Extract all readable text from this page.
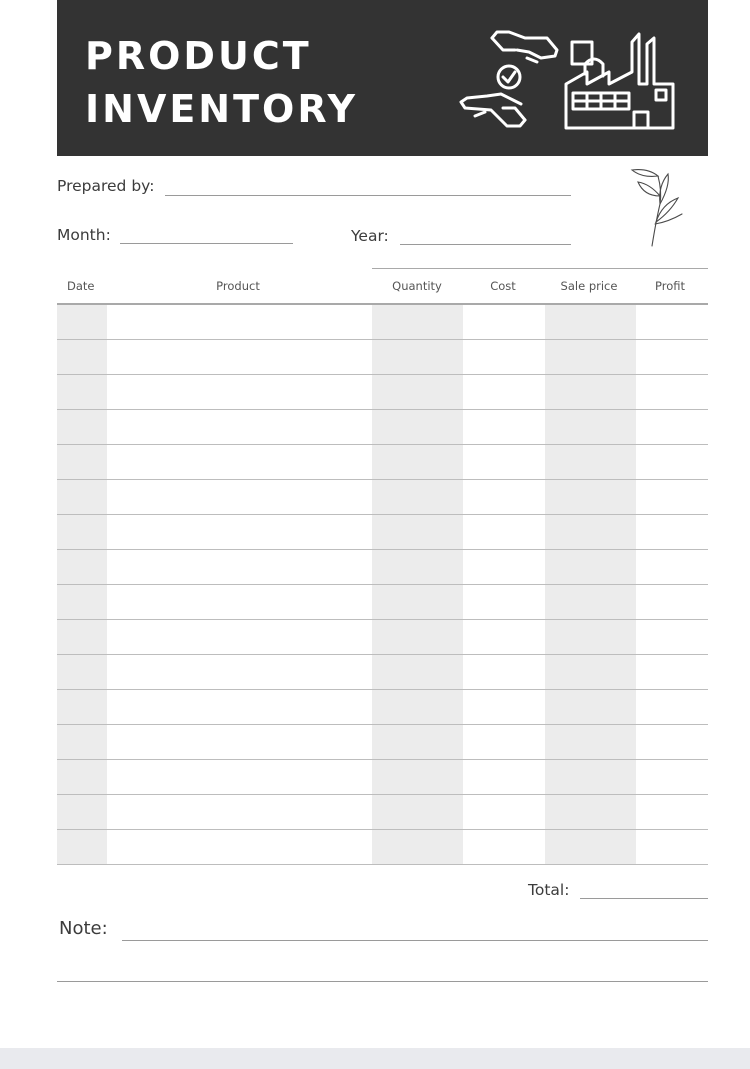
PRODUCT
INVENTORY
Prepared by:
Month:	Year:
Date	Product	Quantity	Cost	Sale price	Profit
Total:
Note:
